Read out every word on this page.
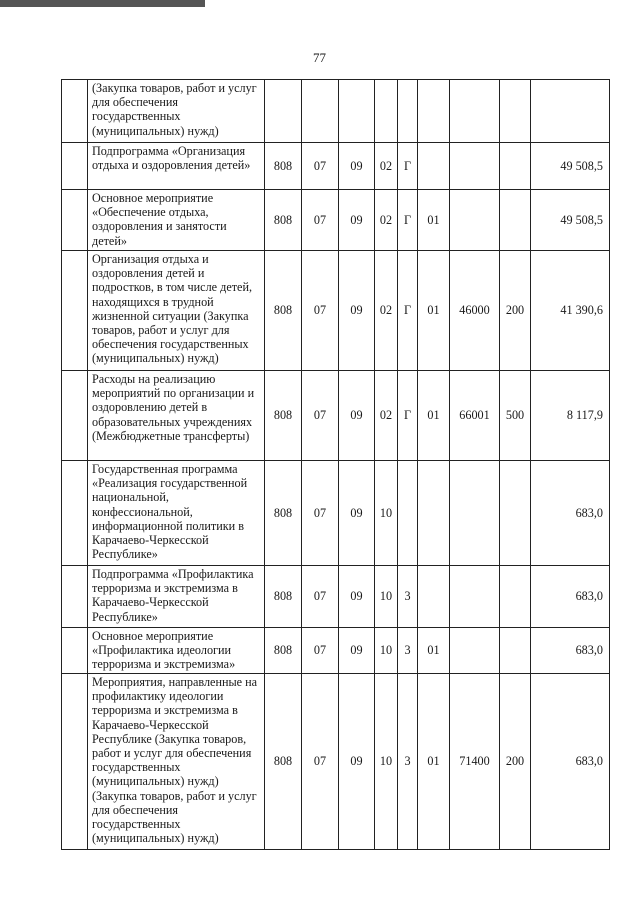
77
	(Закупка товаров, работ и услуг для обеспечения государственных (муниципальных) нужд)									
	Подпрограмма «Организация отдыха и оздоровления детей»	808	07	09	02	Г				49 508,5
	Основное мероприятие «Обеспечение отдыха, оздоровления и занятости детей»	808	07	09	02	Г	01			49 508,5
	Организация отдыха и оздоровления детей и подростков, в том числе детей, находящихся в трудной жизненной ситуации (Закупка товаров, работ и услуг для обеспечения государственных (муниципальных) нужд)	808	07	09	02	Г	01	46000	200	41 390,6
	Расходы на реализацию мероприятий по организации и оздоровлению детей в образовательных учреждениях (Межбюджетные трансферты)	808	07	09	02	Г	01	66001	500	8 117,9
	Государственная программа «Реализация государственной национальной, конфессиональной, информационной политики в Карачаево-Черкесской Республике»	808	07	09	10					683,0
	Подпрограмма «Профилактика терроризма и экстремизма в Карачаево-Черкесской Республике»	808	07	09	10	3				683,0
	Основное мероприятие «Профилактика идеологии терроризма и экстремизма»	808	07	09	10	3	01			683,0
	Мероприятия, направленные на профилактику идеологии терроризма и экстремизма в Карачаево-Черкесской Республике (Закупка товаров, работ и услуг для обеспечения государственных (муниципальных) нужд) (Закупка товаров, работ и услуг для обеспечения государственных (муниципальных) нужд)	808	07	09	10	3	01	71400	200	683,0
